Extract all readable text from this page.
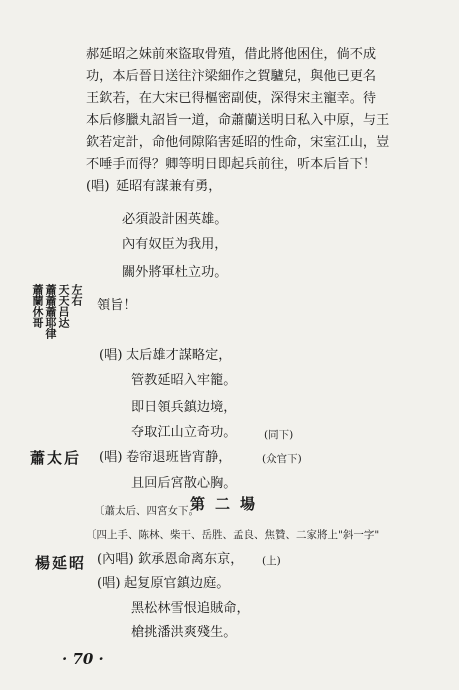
郝延昭之妹前來盜取骨殖，借此將他困住，倘不成
功，本后晉日送往汴梁細作之賀驢兒，與他已更名
王欽若，在大宋已得樞密副使，深得宋主寵幸。待
本后修臘丸詔旨一道，命蕭蘭送明日私入中原，与王
欽若定計，命他伺隙陷害延昭的性命，宋室江山，豈
不唾手而得？卿等明日即起兵前往，听本后旨下！
(唱) 延昭有謀兼有勇，
必須設計困英雄。
內有奴臣为我用，
關外將軍杜立功。
左右
天天吕达
蕭蕭蕭耶律
蕭蘭休哥	領旨！
(唱) 太后雄才謀略定，
管教延昭入牢籠。
即日領兵鎮边境，
夺取江山立奇功。	(同下)
蕭太后 (唱) 卷帘退班皆宵静，	(众官下)
且回后宮散心胸。
〔蕭太后、四宮女下。
第二場
〔四上手、陈林、柴干、岳胜、孟良、焦贊、二家將上"斜一字"
楊延昭 (內唱) 欽承恩命离东京， (上)
(唱) 起复原官鎮边庭。
黑松林雪恨追賊命，
槍挑潘洪爽殘生。
· 70 ·
